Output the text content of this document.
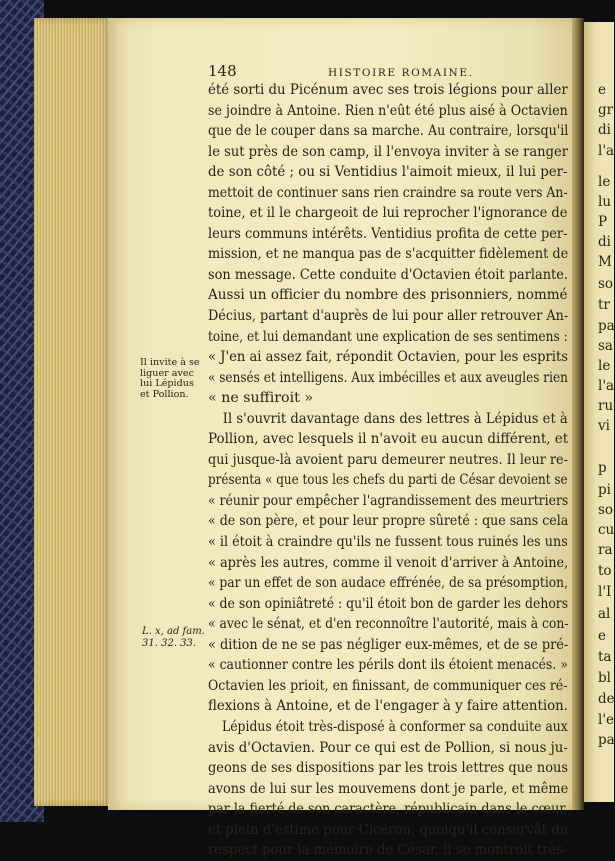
e
gr
di
l'a
le
lu
P
di
M
so
tr
pa
sa
le
l'a
ru
vi
p
pi
so
cu
ra
to
l'I
al
e
ta
bl
de
l'e
pa
148	HISTOIRE ROMAINE.
été sorti du Picénum avec ses trois légions pour aller
se joindre à Antoine. Rien n'eût été plus aisé à Octavien
que de le couper dans sa marche. Au contraire, lorsqu'il
le sut près de son camp, il l'envoya inviter à se ranger
de son côté ; ou si Ventidius l'aimoit mieux, il lui per-
mettoit de continuer sans rien craindre sa route vers An-
toine, et il le chargeoit de lui reprocher l'ignorance de
leurs communs intérêts. Ventidius profita de cette per-
mission, et ne manqua pas de s'acquitter fidèlement de
son message. Cette conduite d'Octavien étoit parlante.
Aussi un officier du nombre des prisonniers, nommé
Décius, partant d'auprès de lui pour aller retrouver An-
toine, et lui demandant une explication de ses sentimens :
« J'en ai assez fait, répondit Octavien, pour les esprits
« sensés et intelligens. Aux imbécilles et aux aveugles rien
« ne suffiroit »
Il s'ouvrit davantage dans des lettres à Lépidus et à
Pollion, avec lesquels il n'avoit eu aucun différent, et
qui jusque-là avoient paru demeurer neutres. Il leur re-
présenta « que tous les chefs du parti de César devoient se
« réunir pour empêcher l'agrandissement des meurtriers
« de son père, et pour leur propre sûreté : que sans cela
« il étoit à craindre qu'ils ne fussent tous ruinés les uns
« après les autres, comme il venoit d'arriver à Antoine,
« par un effet de son audace effrénée, de sa présomption,
« de son opiniâtreté : qu'il étoit bon de garder les dehors
« avec le sénat, et d'en reconnoître l'autorité, mais à con-
« dition de ne se pas négliger eux-mêmes, et de se pré-
« cautionner contre les périls dont ils étoient menacés. »
Octavien les prioit, en finissant, de communiquer ces ré-
flexions à Antoine, et de l'engager à y faire attention.
Lépidus étoit très-disposé à conformer sa conduite aux
avis d'Octavien. Pour ce qui est de Pollion, si nous ju-
geons de ses dispositions par les trois lettres que nous
avons de lui sur les mouvemens dont je parle, et même
par la fierté de son caractère, républicain dans le cœur,
et plein d'estime pour Cicéron, quoiqu'il conservât du
respect pour la mémoire de César, il se montroit très-
Il invite à se
liguer avec
lui Lépidus
et Pollion.
L. x, ad fam.
31. 32. 33.
